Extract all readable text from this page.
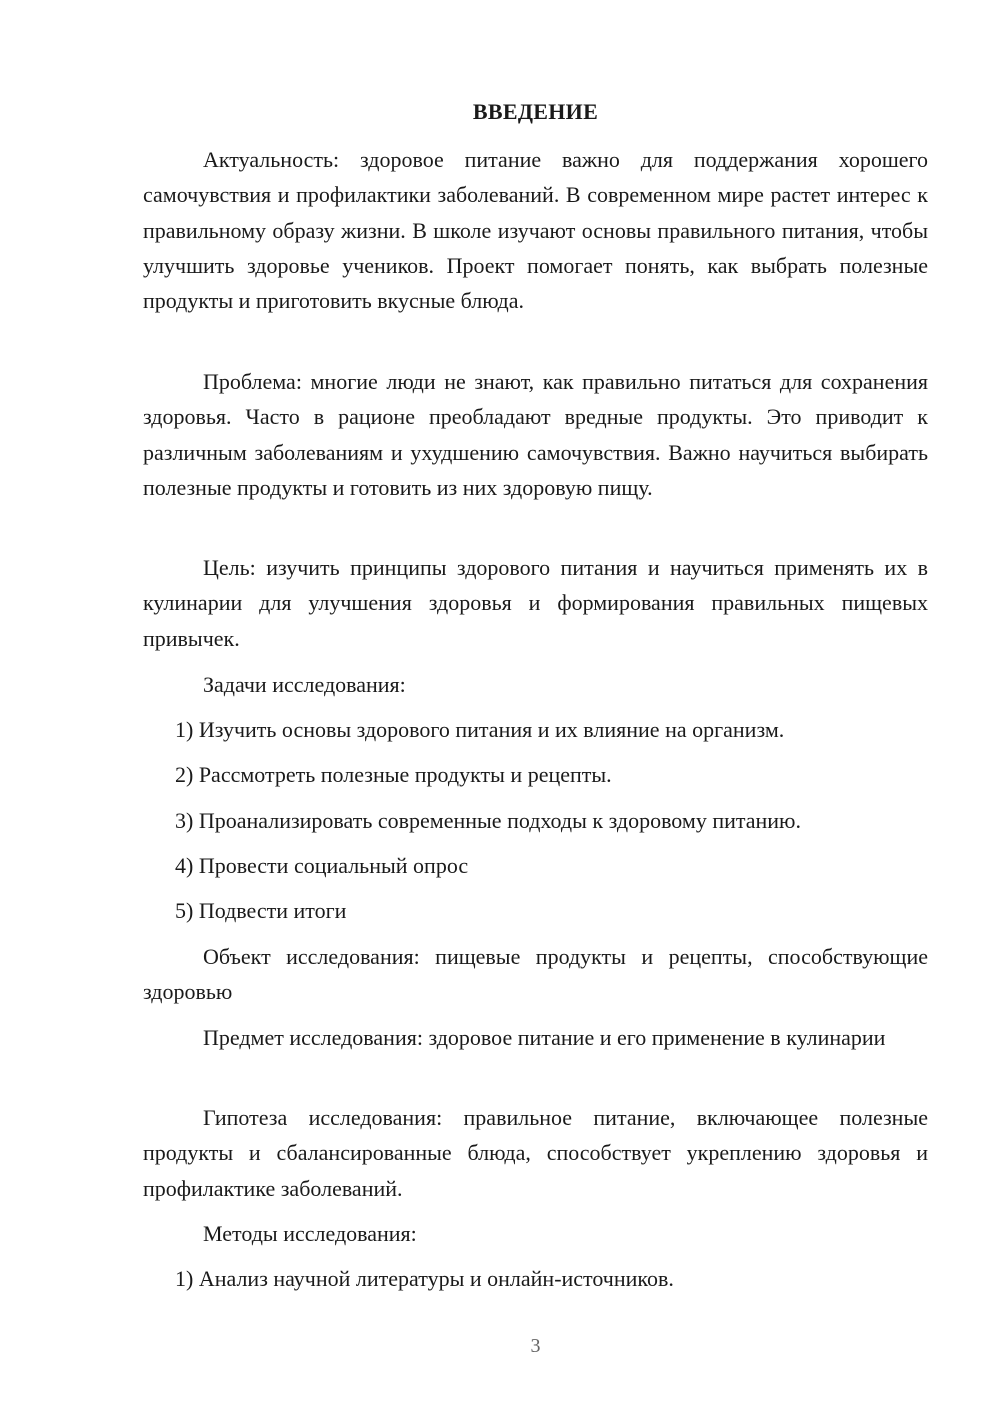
ВВЕДЕНИЕ

Актуальность: здоровое питание важно для поддержания хорошего самочувствия и профилактики заболеваний. В современном мире растет интерес к правильному образу жизни. В школе изучают основы правильного питания, чтобы улучшить здоровье учеников. Проект помогает понять, как выбрать полезные продукты и приготовить вкусные блюда.

Проблема: многие люди не знают, как правильно питаться для сохранения здоровья. Часто в рационе преобладают вредные продукты. Это приводит к различным заболеваниям и ухудшению самочувствия. Важно научиться выбирать полезные продукты и готовить из них здоровую пищу.

Цель: изучить принципы здорового питания и научиться применять их в кулинарии для улучшения здоровья и формирования правильных пищевых привычек.

Задачи исследования:

1) Изучить основы здорового питания и их влияние на организм.

2) Рассмотреть полезные продукты и рецепты.

3) Проанализировать современные подходы к здоровому питанию.

4) Провести социальный опрос

5) Подвести итоги

Объект исследования: пищевые продукты и рецепты, способствующие здоровью

Предмет исследования: здоровое питание и его применение в кулинарии

Гипотеза исследования: правильное питание, включающее полезные продукты и сбалансированные блюда, способствует укреплению здоровья и профилактике заболеваний.

Методы исследования:

1) Анализ научной литературы и онлайн-источников.

3
